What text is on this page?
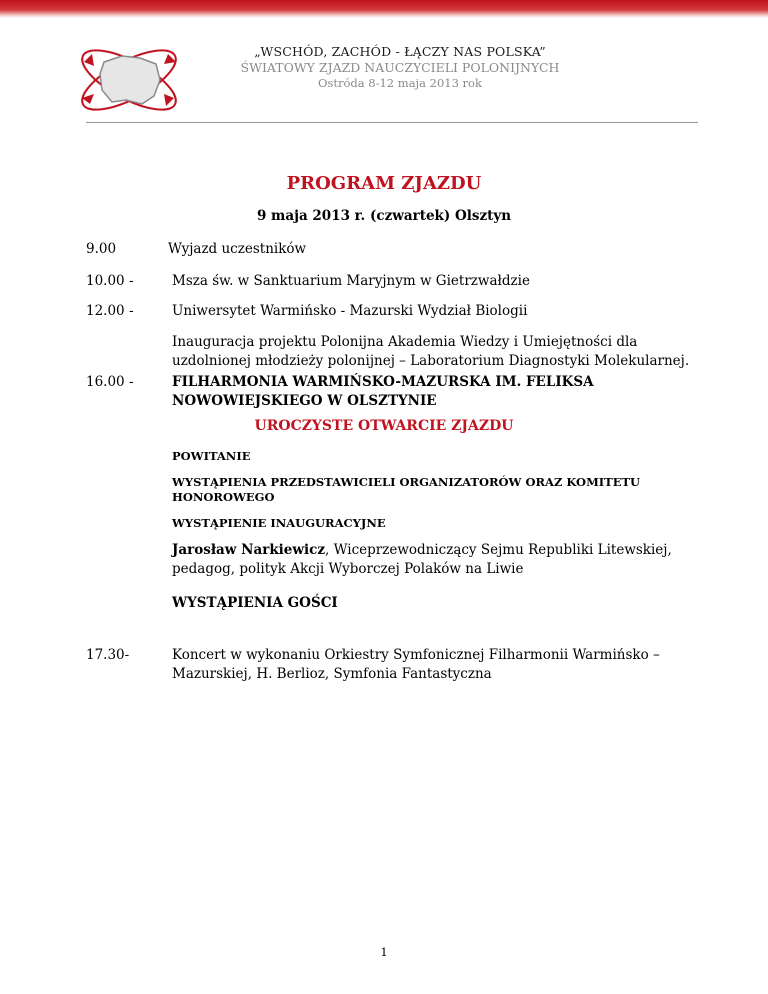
„WSCHÓD, ZACHÓD - ŁĄCZY NAS POLSKA”
ŚWIATOWY ZJAZD NAUCZYCIELI POLONIJNYCH
Ostróda 8-12 maja 2013 rok
PROGRAM ZJAZDU
9 maja 2013 r. (czwartek) Olsztyn
9.00	Wyjazd uczestników
10.00 -	Msza św. w Sanktuarium Maryjnym w Gietrzwałdzie
12.00 -	Uniwersytet Warmińsko - Mazurski Wydział Biologii
Inauguracja projektu Polonijna Akademia Wiedzy i Umiejętności dla uzdolnionej młodzieży polonijnej – Laboratorium Diagnostyki Molekularnej.
16.00 -	FILHARMONIA WARMIŃSKO-MAZURSKA IM. FELIKSA NOWOWIEJSKIEGO W OLSZTYNIE
UROCZYSTE OTWARCIE ZJAZDU
POWITANIE
WYSTĄPIENIA PRZEDSTAWICIELI ORGANIZATORÓW ORAZ KOMITETU HONOROWEGO
WYSTĄPIENIE INAUGURACYJNE
Jarosław Narkiewicz, Wiceprzewodniczący Sejmu Republiki Litewskiej, pedagog, polityk Akcji Wyborczej Polaków na Liwie
WYSTĄPIENIA GOŚCI
17.30-	Koncert w wykonaniu Orkiestry Symfonicznej Filharmonii Warmińsko – Mazurskiej, H. Berlioz, Symfonia Fantastyczna
1
